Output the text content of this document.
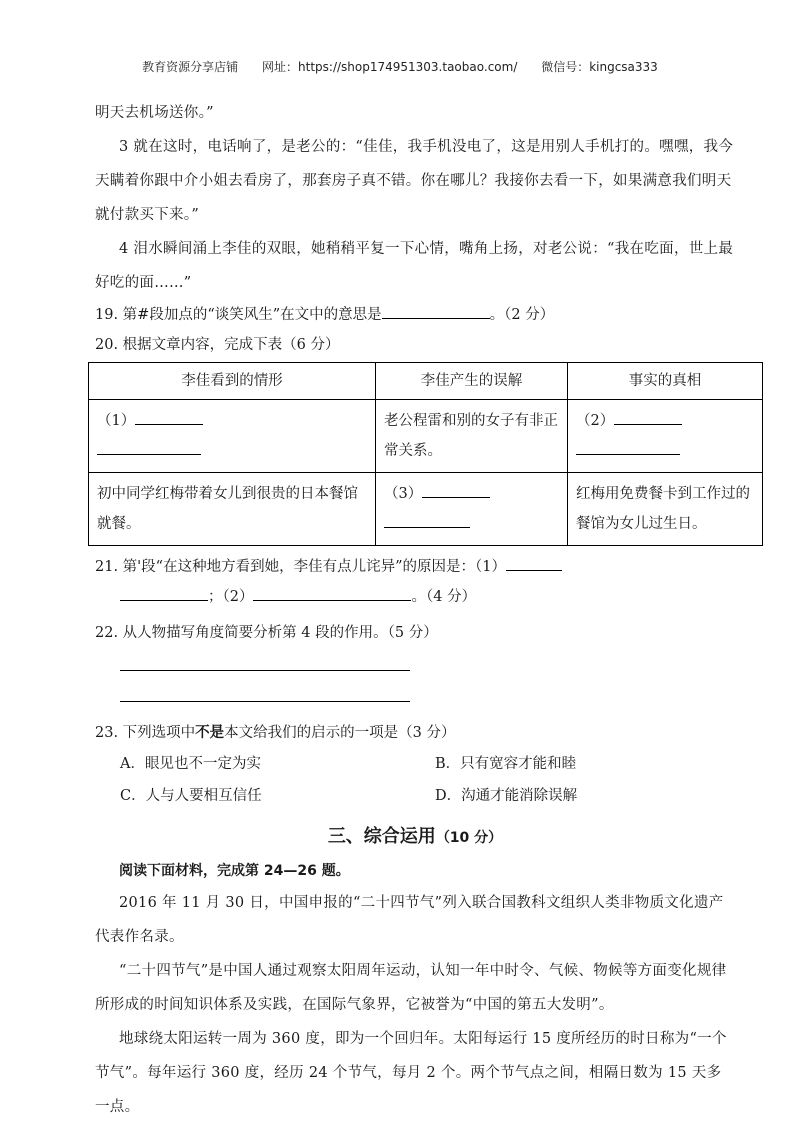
教育资源分享店铺 网址：https://shop174951303.taobao.com/ 微信号：kingcsa333

明天去机场送你。”

3 就在这时，电话响了，是老公的：“佳佳，我手机没电了，这是用别人手机打的。嘿嘿，我今天瞒着你跟中介小姐去看房了，那套房子真不错。你在哪儿？我接你去看一下，如果满意我们明天就付款买下来。”

4 泪水瞬间涌上李佳的双眼，她稍稍平复一下心情，嘴角上扬，对老公说：“我在吃面，世上最好吃的面……”

19. 第#段加点的“谈笑风生”在文中的意思是	。（2 分）

20. 根据文章内容，完成下表（6 分）

李佳看到的情形	李佳产生的误解	事实的真相
（1）	老公程雷和别的女子有非正常关系。	（2）

初中同学红梅带着女儿到很贵的日本餐馆就餐。	（3）	红梅用免费餐卡到工作过的餐馆为女儿过生日。

21. 第'段“在这种地方看到她，李佳有点儿诧异”的原因是：（1）

；（2）	。（4 分）

22. 从人物描写角度简要分析第 4 段的作用。（5 分）

23. 下列选项中不是本文给我们的启示的一项是（3 分）

A．眼见也不一定为实	B．只有宽容才能和睦
C．人与人要相互信任	D．沟通才能消除误解
三、综合运用（10 分）

阅读下面材料，完成第 24—26 题。

2016 年 11 月 30 日，中国申报的“二十四节气”列入联合国教科文组织人类非物质文化遗产代表作名录。

“二十四节气”是中国人通过观察太阳周年运动，认知一年中时令、气候、物候等方面变化规律所形成的时间知识体系及实践，在国际气象界，它被誉为“中国的第五大发明”。

地球绕太阳运转一周为 360 度，即为一个回归年。太阳每运行 15 度所经历的时日称为“一个节气”。每年运行 360 度，经历 24 个节气，每月 2 个。两个节气点之间，相隔日数为 15 天多一点。
